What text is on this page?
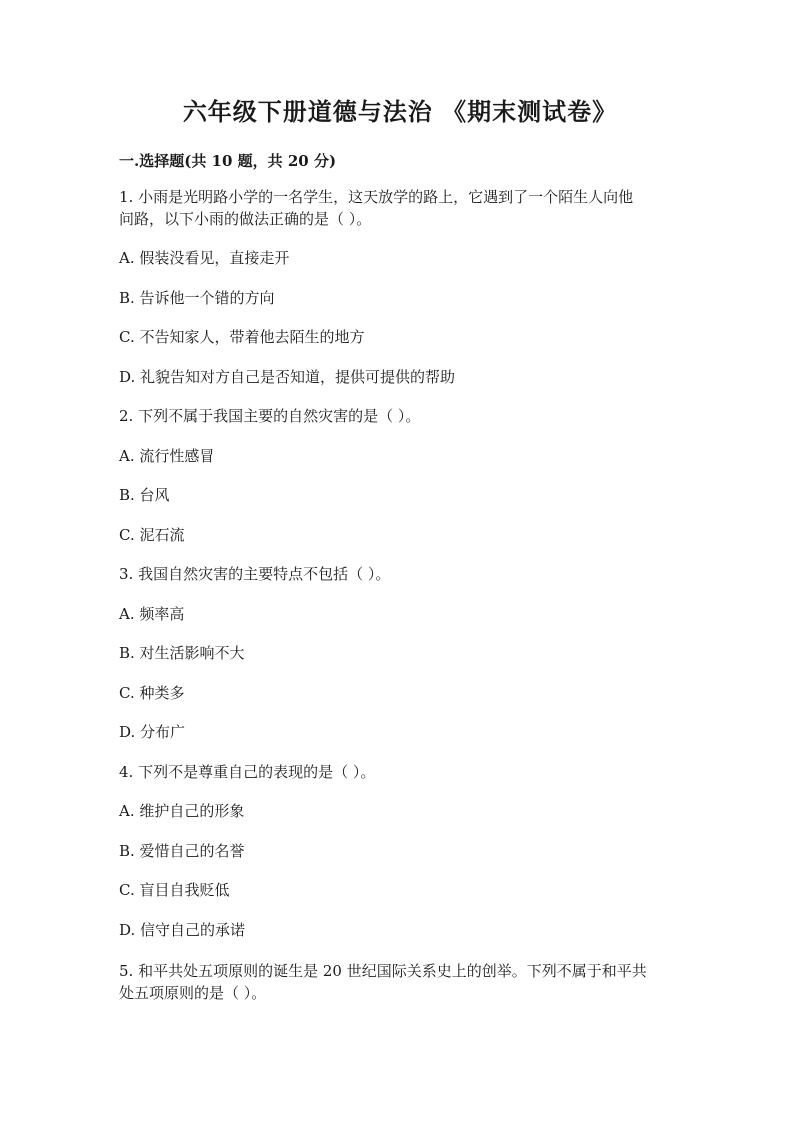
六年级下册道德与法治 《期末测试卷》
一.选择题(共 10 题，共 20 分)
1. 小雨是光明路小学的一名学生，这天放学的路上，它遇到了一个陌生人向他
问路，以下小雨的做法正确的是（ ）。
A. 假装没看见，直接走开
B. 告诉他一个错的方向
C. 不告知家人，带着他去陌生的地方
D. 礼貌告知对方自己是否知道，提供可提供的帮助
2. 下列不属于我国主要的自然灾害的是（ ）。
A. 流行性感冒
B. 台风
C. 泥石流
3. 我国自然灾害的主要特点不包括（ ）。
A. 频率高
B. 对生活影响不大
C. 种类多
D. 分布广
4. 下列不是尊重自己的表现的是（ ）。
A. 维护自己的形象
B. 爱惜自己的名誉
C. 盲目自我贬低
D. 信守自己的承诺
5. 和平共处五项原则的诞生是 20 世纪国际关系史上的创举。下列不属于和平共
处五项原则的是（ ）。
